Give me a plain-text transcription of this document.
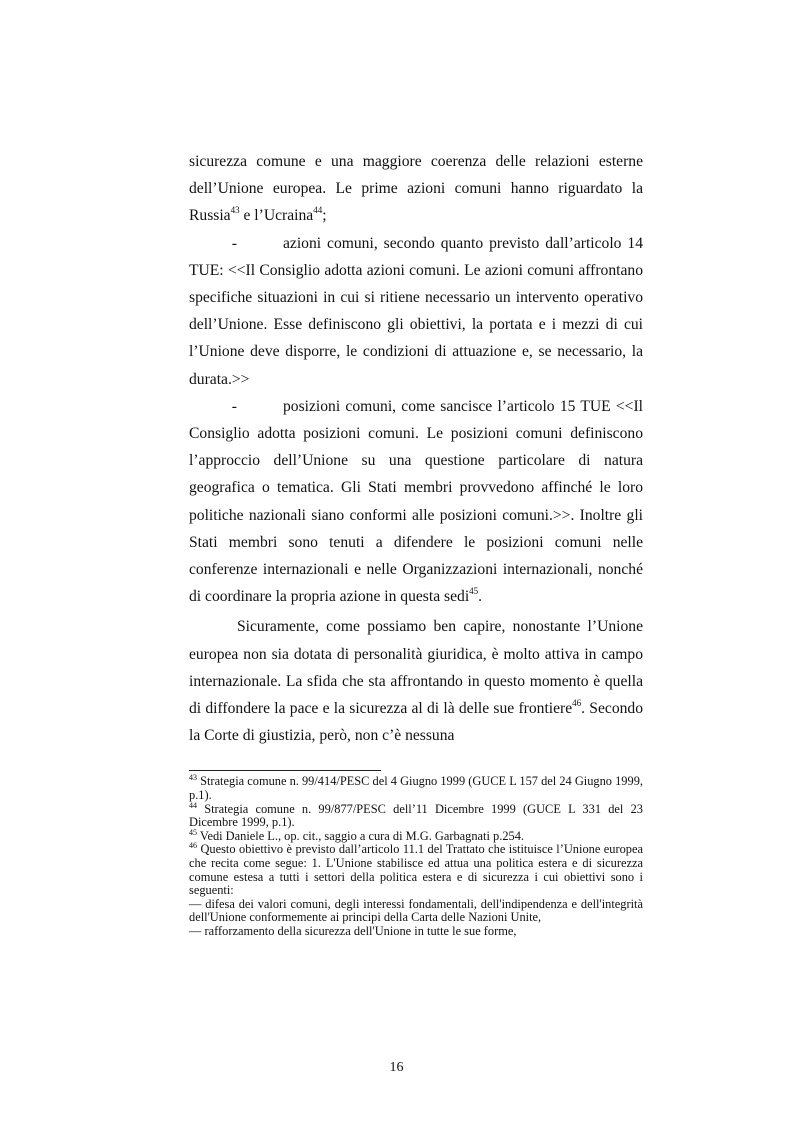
sicurezza comune e una maggiore coerenza delle relazioni esterne dell’Unione europea. Le prime azioni comuni hanno riguardato la Russia$^{43}$ e l’Ucraina$^{44}$;

-	azioni comuni, secondo quanto previsto dall’articolo 14 TUE: <<Il Consiglio adotta azioni comuni. Le azioni comuni affrontano specifiche situazioni in cui si ritiene necessario un intervento operativo dell’Unione. Esse definiscono gli obiettivi, la portata e i mezzi di cui l’Unione deve disporre, le condizioni di attuazione e, se necessario, la durata.>>

-	posizioni comuni, come sancisce l’articolo 15 TUE <<Il Consiglio adotta posizioni comuni. Le posizioni comuni definiscono l’approccio dell’Unione su una questione particolare di natura geografica o tematica. Gli Stati membri provvedono affinché le loro politiche nazionali siano conformi alle posizioni comuni.>>. Inoltre gli Stati membri sono tenuti a difendere le posizioni comuni nelle conferenze internazionali e nelle Organizzazioni internazionali, nonché di coordinare la propria azione in questa sedi$^{45}$.

Sicuramente, come possiamo ben capire, nonostante l’Unione europea non sia dotata di personalità giuridica, è molto attiva in campo internazionale. La sfida che sta affrontando in questo momento è quella di diffondere la pace e la sicurezza al di là delle sue frontiere$^{46}$. Secondo la Corte di giustizia, però, non c’è nessuna

$^{43}$ Strategia comune n. 99/414/PESC del 4 Giugno 1999 (GUCE L 157 del 24 Giugno 1999, p.1).

$^{44}$ Strategia comune n. 99/877/PESC dell’11 Dicembre 1999 (GUCE L 331 del 23 Dicembre 1999, p.1).

$^{45}$ Vedi Daniele L., op. cit., saggio a cura di M.G. Garbagnati p.254.

$^{46}$ Questo obiettivo è previsto dall’articolo 11.1 del Trattato che istituisce l’Unione europea che recita come segue: 1. L'Unione stabilisce ed attua una politica estera e di sicurezza comune estesa a tutti i settori della politica estera e di sicurezza i cui obiettivi sono i seguenti:

— difesa dei valori comuni, degli interessi fondamentali, dell'indipendenza e dell'integrità dell'Unione conformemente ai principi della Carta delle Nazioni Unite,

— rafforzamento della sicurezza dell'Unione in tutte le sue forme,

16
